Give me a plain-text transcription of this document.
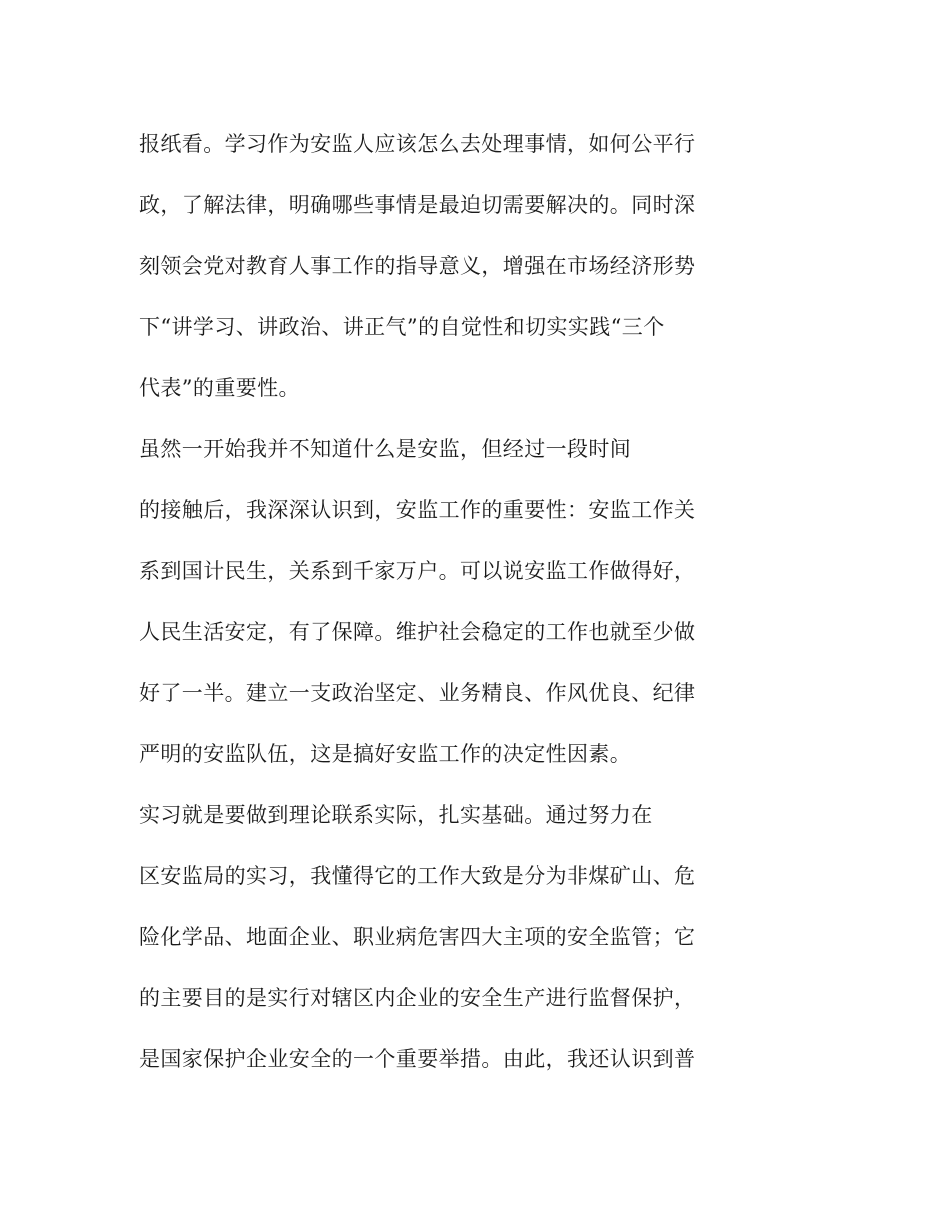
报纸看。学习作为安监人应该怎么去处理事情，如何公平行
政，了解法律，明确哪些事情是最迫切需要解决的。同时深
刻领会党对教育人事工作的指导意义，增强在市场经济形势
下“讲学习、讲政治、讲正气”的自觉性和切实实践“三个
代表”的重要性。
虽然一开始我并不知道什么是安监，但经过一段时间
的接触后，我深深认识到，安监工作的重要性：安监工作关
系到国计民生，关系到千家万户。可以说安监工作做得好，
人民生活安定，有了保障。维护社会稳定的工作也就至少做
好了一半。建立一支政治坚定、业务精良、作风优良、纪律
严明的安监队伍，这是搞好安监工作的决定性因素。
实习就是要做到理论联系实际，扎实基础。通过努力在
区安监局的实习，我懂得它的工作大致是分为非煤矿山、危
险化学品、地面企业、职业病危害四大主项的安全监管；它
的主要目的是实行对辖区内企业的安全生产进行监督保护，
是国家保护企业安全的一个重要举措。由此，我还认识到普
